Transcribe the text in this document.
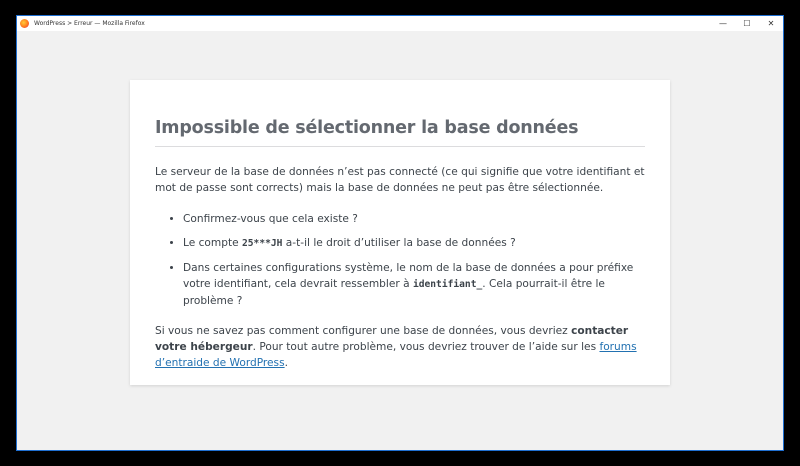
WordPress > Erreur — Mozilla Firefox	—	☐	✕
Impossible de sélectionner la base données

Le serveur de la base de données n’est pas connecté (ce qui signifie que votre identifiant et mot de passe sont corrects) mais la base de données ne peut pas être sélectionnée.

• Confirmez-vous que cela existe ?
• Le compte 25***JH a-t-il le droit d’utiliser la base de données ?
• Dans certaines configurations système, le nom de la base de données a pour préfixe votre identifiant, cela devrait ressembler à identifiant_. Cela pourrait-il être le problème ?

Si vous ne savez pas comment configurer une base de données, vous devriez contacter votre hébergeur. Pour tout autre problème, vous devriez trouver de l’aide sur les forums d’entraide de WordPress.
